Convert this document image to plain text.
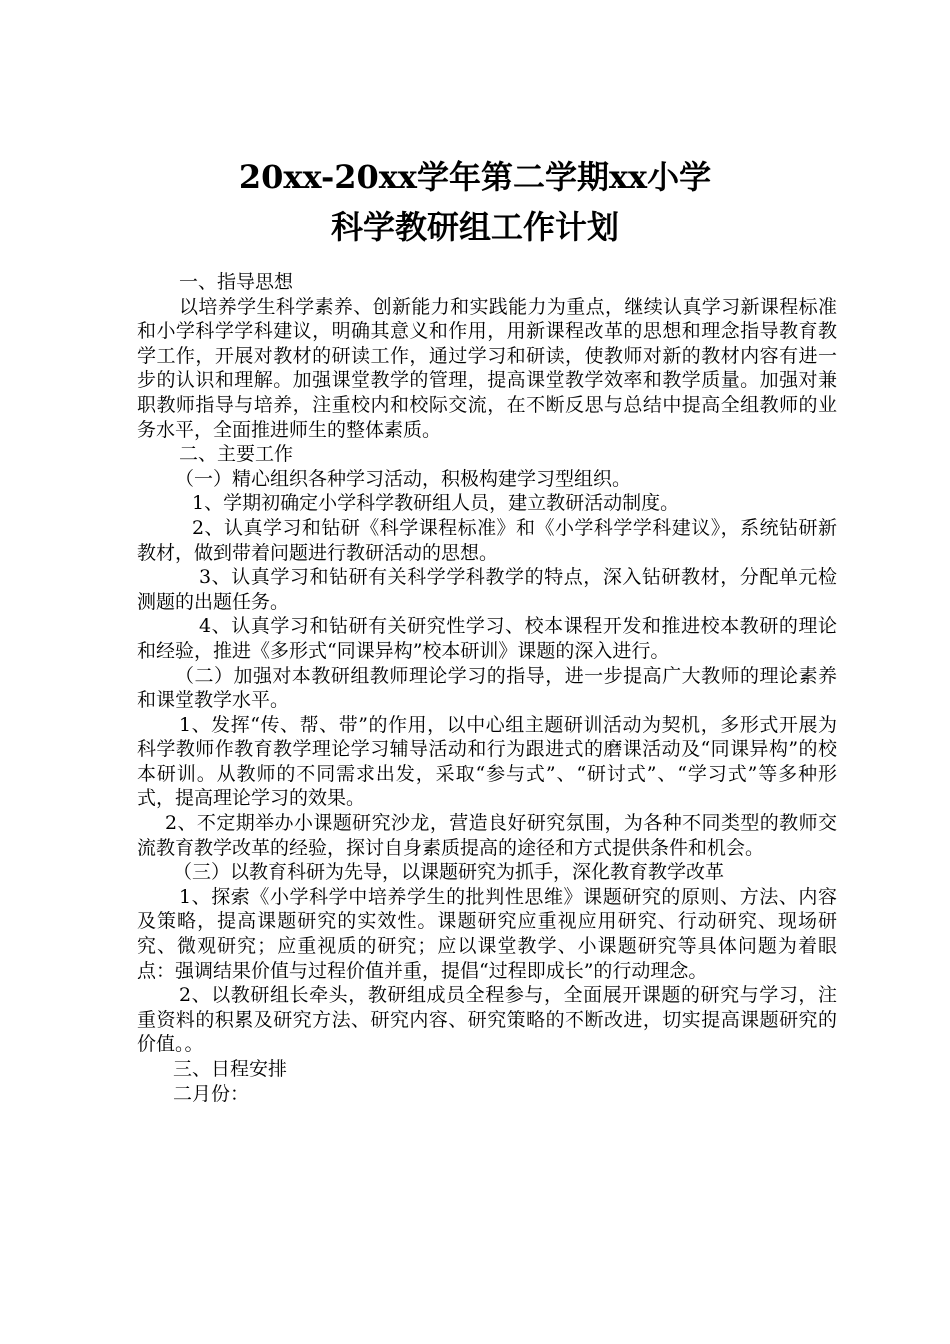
20xx-20xx学年第二学期xx小学
科学教研组工作计划

一、指导思想

以培养学生科学素养、创新能力和实践能力为重点，继续认真学习新课程标准和小学科学学科建议，明确其意义和作用，用新课程改革的思想和理念指导教育教学工作，开展对教材的研读工作，通过学习和研读，使教师对新的教材内容有进一步的认识和理解。加强课堂教学的管理，提高课堂教学效率和教学质量。加强对兼职教师指导与培养，注重校内和校际交流，在不断反思与总结中提高全组教师的业务水平，全面推进师生的整体素质。

二、主要工作

（一）精心组织各种学习活动，积极构建学习型组织。

1、学期初确定小学科学教研组人员，建立教研活动制度。

2、认真学习和钻研《科学课程标准》和《小学科学学科建议》，系统钻研新教材，做到带着问题进行教研活动的思想。

3、认真学习和钻研有关科学学科教学的特点，深入钻研教材，分配单元检测题的出题任务。

4、认真学习和钻研有关研究性学习、校本课程开发和推进校本教研的理论和经验，推进《多形式“同课异构”校本研训》课题的深入进行。

（二）加强对本教研组教师理论学习的指导，进一步提高广大教师的理论素养和课堂教学水平。

1、发挥“传、帮、带”的作用，以中心组主题研训活动为契机，多形式开展为科学教师作教育教学理论学习辅导活动和行为跟进式的磨课活动及“同课异构”的校本研训。从教师的不同需求出发，采取“参与式”、“研讨式”、“学习式”等多种形式，提高理论学习的效果。

2、不定期举办小课题研究沙龙，营造良好研究氛围，为各种不同类型的教师交流教育教学改革的经验，探讨自身素质提高的途径和方式提供条件和机会。

（三）以教育科研为先导，以课题研究为抓手，深化教育教学改革

1、探索《小学科学中培养学生的批判性思维》课题研究的原则、方法、内容及策略，提高课题研究的实效性。课题研究应重视应用研究、行动研究、现场研究、微观研究；应重视质的研究；应以课堂教学、小课题研究等具体问题为着眼点：强调结果价值与过程价值并重，提倡“过程即成长”的行动理念。

2、以教研组长牵头，教研组成员全程参与，全面展开课题的研究与学习，注重资料的积累及研究方法、研究内容、研究策略的不断改进，切实提高课题研究的价值。。

三、日程安排

二月份：
